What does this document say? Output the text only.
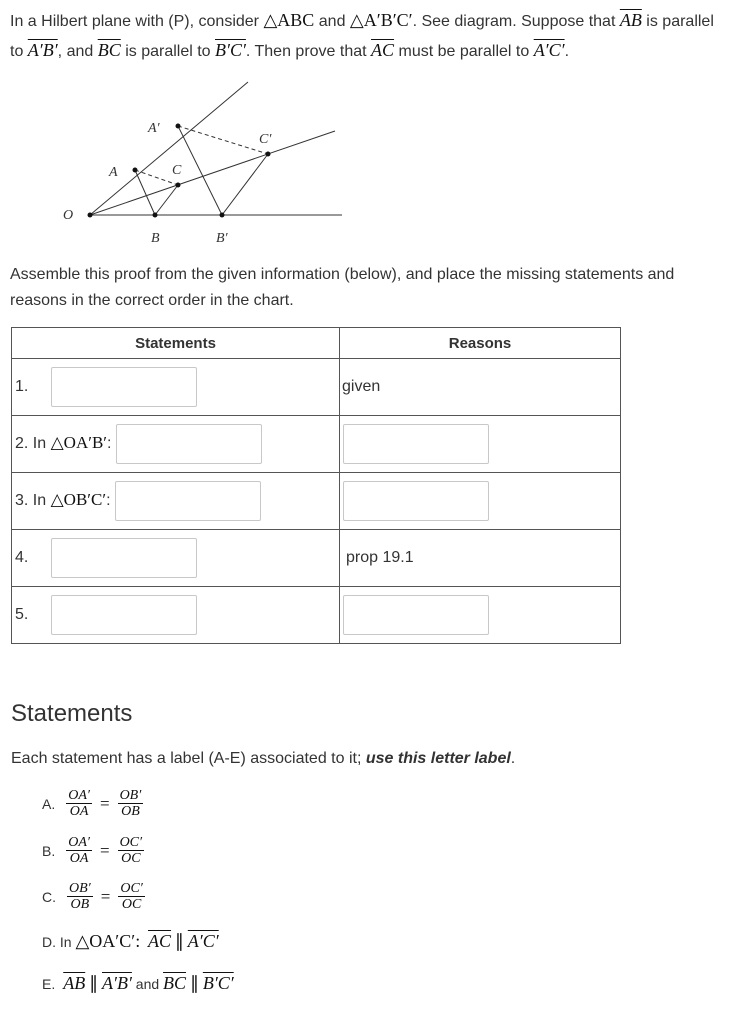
In a Hilbert plane with (P), consider △ABC and △A′B′C′. See diagram. Suppose that $\overline{AB}$ is parallel to A′B′, and $\overline{BC}$ is parallel to B′C′. Then prove that $\overline{AC}$ must be parallel to A′C′.
O
A
B
C
A′
B′
C′
Assemble this proof from the given information (below), and place the missing statements and reasons in the correct order in the chart.
Statements	Reasons
1.	given
2. In △OA′B′:	
3. In △OB′C′:	
4.	prop 19.1
5.	
Statements
Each statement has a label (A-E) associated to it; use this letter label.
A. $\frac{OA'}{OA} = \frac{OB'}{OB}$
B. $\frac{OA'}{OA} = \frac{OC'}{OC}$
C. $\frac{OB'}{OB} = \frac{OC'}{OC}$
D. In
△OA′C′ :
$\overline{AC}$
∥
A′C′
E. $\overline{AB}$
∥
A′B′
and
$\overline{BC}$
∥
B′C′
